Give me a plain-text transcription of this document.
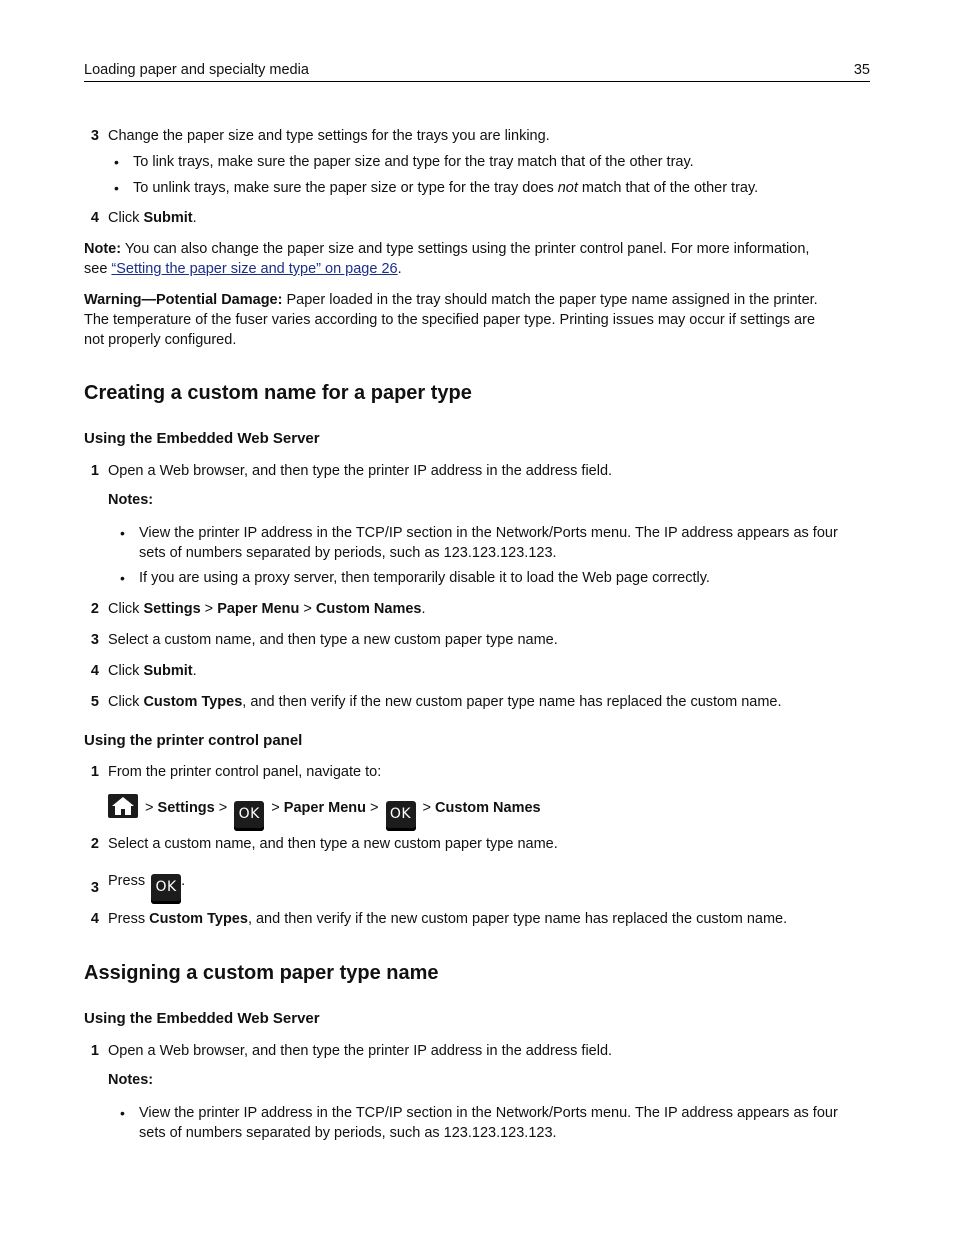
Loading paper and specialty media	35
3 Change the paper size and type settings for the trays you are linking.
• To link trays, make sure the paper size and type for the tray match that of the other tray.
• To unlink trays, make sure the paper size or type for the tray does not match that of the other tray.
4 Click Submit.
Note: You can also change the paper size and type settings using the printer control panel. For more information,
see “Setting the paper size and type” on page 26.
Warning—Potential Damage: Paper loaded in the tray should match the paper type name assigned in the printer.
The temperature of the fuser varies according to the specified paper type. Printing issues may occur if settings are
not properly configured.
Creating a custom name for a paper type
Using the Embedded Web Server
1 Open a Web browser, and then type the printer IP address in the address field.
Notes:
• View the printer IP address in the TCP/IP section in the Network/Ports menu. The IP address appears as four
sets of numbers separated by periods, such as 123.123.123.123.
• If you are using a proxy server, then temporarily disable it to load the Web page correctly.
2 Click Settings > Paper Menu > Custom Names.
3 Select a custom name, and then type a new custom paper type name.
4 Click Submit.
5 Click Custom Types, and then verify if the new custom paper type name has replaced the custom name.
Using the printer control panel
1 From the printer control panel, navigate to:
> Settings > OK > Paper Menu > OK > Custom Names
2 Select a custom name, and then type a new custom paper type name.
3 Press OK .
4 Press Custom Types, and then verify if the new custom paper type name has replaced the custom name.
Assigning a custom paper type name
Using the Embedded Web Server
1 Open a Web browser, and then type the printer IP address in the address field.
Notes:
• View the printer IP address in the TCP/IP section in the Network/Ports menu. The IP address appears as four
sets of numbers separated by periods, such as 123.123.123.123.
